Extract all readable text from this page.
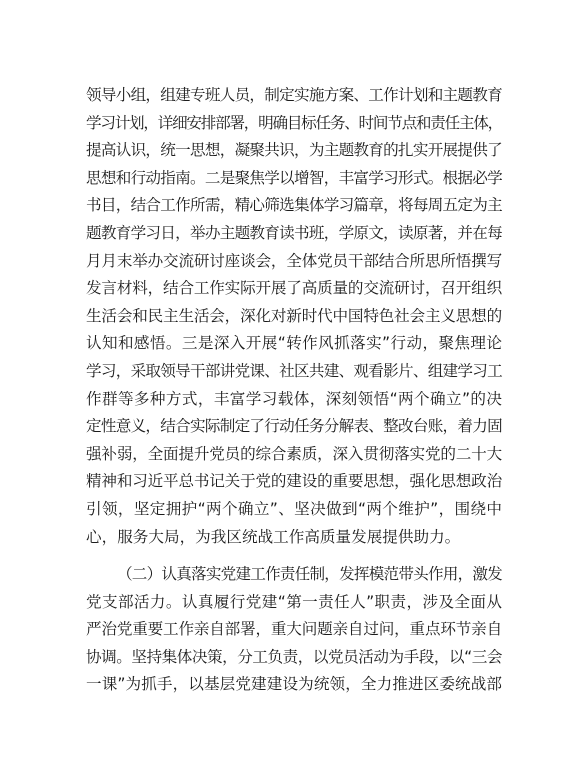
领导小组，组建专班人员，制定实施方案、工作计划和主题教育
学习计划，详细安排部署，明确目标任务、时间节点和责任主体，
提高认识，统一思想，凝聚共识，为主题教育的扎实开展提供了
思想和行动指南。二是聚焦学以增智，丰富学习形式。根据必学
书目，结合工作所需，精心筛选集体学习篇章，将每周五定为主
题教育学习日，举办主题教育读书班，学原文，读原著，并在每
月月末举办交流研讨座谈会，全体党员干部结合所思所悟撰写
发言材料，结合工作实际开展了高质量的交流研讨，召开组织
生活会和民主生活会，深化对新时代中国特色社会主义思想的
认知和感悟。三是深入开展“转作风抓落实”行动，聚焦理论
学习，采取领导干部讲党课、社区共建、观看影片、组建学习工
作群等多种方式，丰富学习载体，深刻领悟“两个确立”的决
定性意义，结合实际制定了行动任务分解表、整改台账，着力固
强补弱，全面提升党员的综合素质，深入贯彻落实党的二十大
精神和习近平总书记关于党的建设的重要思想，强化思想政治
引领，坚定拥护“两个确立”、坚决做到“两个维护”，围绕中
心，服务大局，为我区统战工作高质量发展提供助力。
（二）认真落实党建工作责任制，发挥模范带头作用，激发
党支部活力。认真履行党建“第一责任人”职责，涉及全面从
严治党重要工作亲自部署，重大问题亲自过问，重点环节亲自
协调。坚持集体决策，分工负责，以党员活动为手段，以“三会
一课”为抓手，以基层党建建设为统领，全力推进区委统战部
